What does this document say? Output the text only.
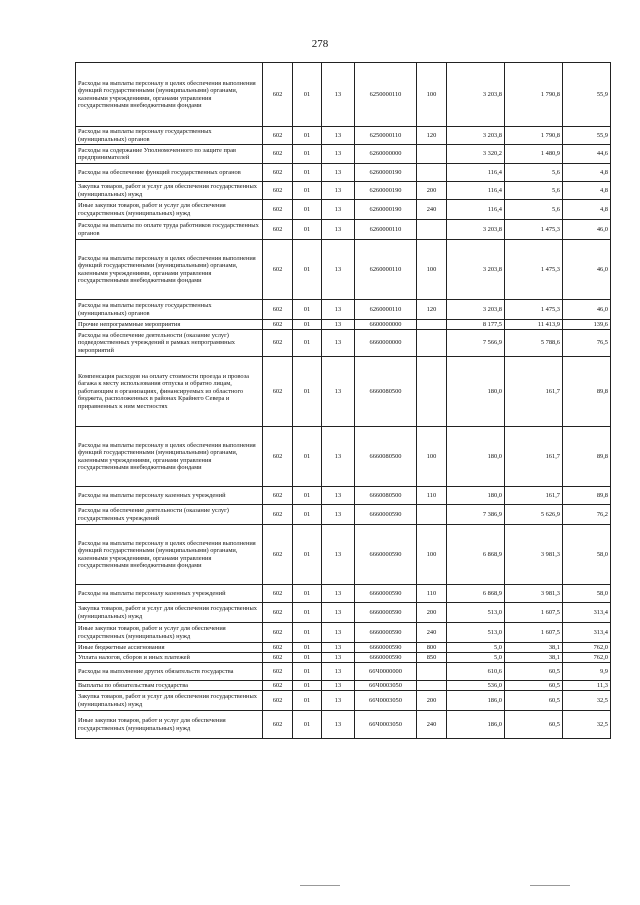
278
Расходы на выплаты персоналу в целях обеспечения выполнения функций государственными (муниципальными) органами, казенными учреждениями, органами управления государственными внебюджетными фондами	602	01	13	6250000110	100	3 203,8	1 790,8	55,9
Расходы на выплаты персоналу государственных (муниципальных) органов	602	01	13	6250000110	120	3 203,8	1 790,8	55,9
Расходы на содержание Уполномоченного по защите прав предпринимателей	602	01	13	6260000000		3 320,2	1 480,9	44,6
Расходы на обеспечение функций государственных органов	602	01	13	6260000190		116,4	5,6	4,8
Закупка товаров, работ и услуг для обеспечения государственных (муниципальных) нужд	602	01	13	6260000190	200	116,4	5,6	4,8
Иные закупки товаров, работ и услуг для обеспечения государственных (муниципальных) нужд	602	01	13	6260000190	240	116,4	5,6	4,8
Расходы на выплаты по оплате труда работников государственных органов	602	01	13	6260000110		3 203,8	1 475,3	46,0
Расходы на выплаты персоналу в целях обеспечения выполнения функций государственными (муниципальными) органами, казенными учреждениями, органами управления государственными внебюджетными фондами	602	01	13	6260000110	100	3 203,8	1 475,3	46,0
Расходы на выплаты персоналу государственных (муниципальных) органов	602	01	13	6260000110	120	3 203,8	1 475,3	46,0
Прочие непрограммные мероприятия	602	01	13	6600000000		8 177,5	11 413,9	139,6
Расходы на обеспечение деятельности (оказание услуг) подведомственных учреждений в рамках непрограммных мероприятий	602	01	13	6660000000		7 566,9	5 788,6	76,5
Компенсация расходов на оплату стоимости проезда и провоза багажа к месту использования отпуска и обратно лицам, работающим в организациях, финансируемых из областного бюджета, расположенных в районах Крайнего Севера и приравненных к ним местностях	602	01	13	6660080500		180,0	161,7	89,8
Расходы на выплаты персоналу в целях обеспечения выполнения функций государственными (муниципальными) органами, казенными учреждениями, органами управления государственными внебюджетными фондами	602	01	13	6660080500	100	180,0	161,7	89,8
Расходы на выплаты персоналу казенных учреждений	602	01	13	6660080500	110	180,0	161,7	89,8
Расходы на обеспечение деятельности (оказание услуг) государственных учреждений	602	01	13	6660000590		7 386,9	5 626,9	76,2
Расходы на выплаты персоналу в целях обеспечения выполнения функций государственными (муниципальными) органами, казенными учреждениями, органами управления государственными внебюджетными фондами	602	01	13	6660000590	100	6 868,9	3 981,3	58,0
Расходы на выплаты персоналу казенных учреждений	602	01	13	6660000590	110	6 868,9	3 981,3	58,0
Закупка товаров, работ и услуг для обеспечения государственных (муниципальных) нужд	602	01	13	6660000590	200	513,0	1 607,5	313,4
Иные закупки товаров, работ и услуг для обеспечения государственных (муниципальных) нужд	602	01	13	6660000590	240	513,0	1 607,5	313,4
Иные бюджетные ассигнования	602	01	13	6660000590	800	5,0	38,1	762,0
Уплата налогов, сборов и иных платежей	602	01	13	6660000590	850	5,0	38,1	762,0
Расходы на выполнение других обязательств государства	602	01	13	66Ч0000000		610,6	60,5	9,9
Выплаты по обязательствам государства	602	01	13	66Ч0003050		536,0	60,5	11,3
Закупка товаров, работ и услуг для обеспечения государственных (муниципальных) нужд	602	01	13	66Ч0003050	200	186,0	60,5	32,5
Иные закупки товаров, работ и услуг для обеспечения государственных (муниципальных) нужд	602	01	13	66Ч0003050	240	186,0	60,5	32,5
